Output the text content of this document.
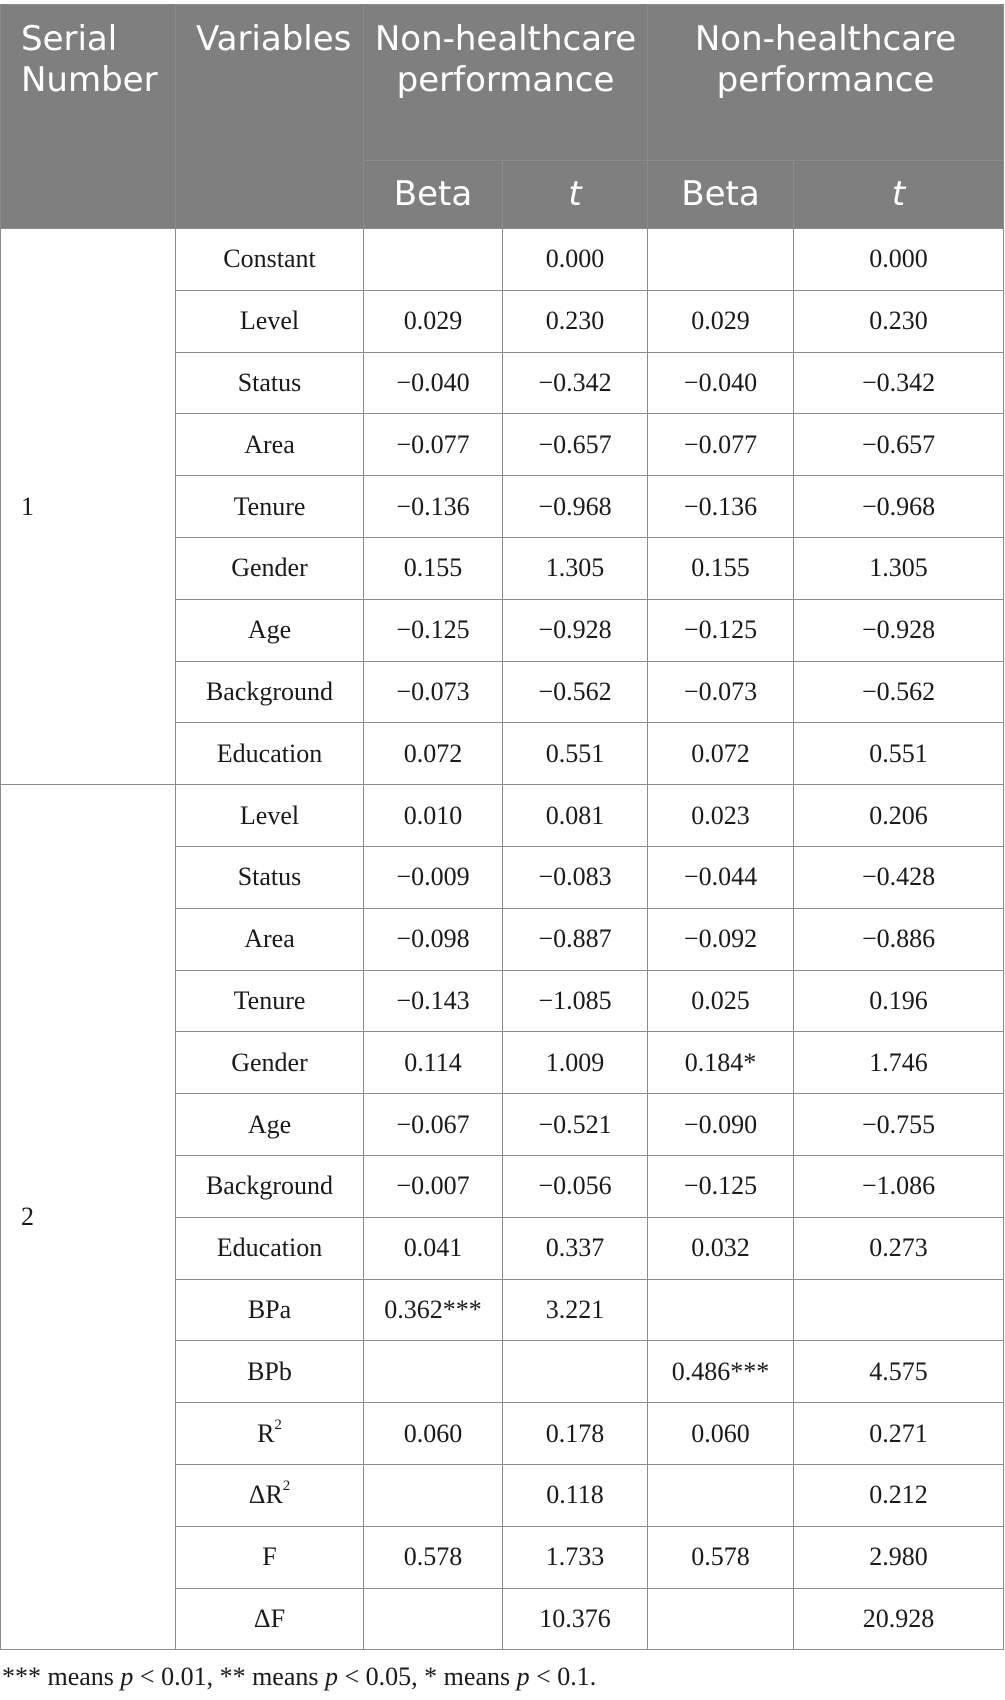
Serial Number	Variables	Non-healthcare performance		Non-healthcare performance	
		Beta	t	Beta	t
1	Constant		0.000		0.000
	Level	0.029	0.230	0.029	0.230
	Status	−0.040	−0.342	−0.040	−0.342
	Area	−0.077	−0.657	−0.077	−0.657
	Tenure	−0.136	−0.968	−0.136	−0.968
	Gender	0.155	1.305	0.155	1.305
	Age	−0.125	−0.928	−0.125	−0.928
	Background	−0.073	−0.562	−0.073	−0.562
	Education	0.072	0.551	0.072	0.551
2	Level	0.010	0.081	0.023	0.206
	Status	−0.009	−0.083	−0.044	−0.428
	Area	−0.098	−0.887	−0.092	−0.886
	Tenure	−0.143	−1.085	0.025	0.196
	Gender	0.114	1.009	0.184*	1.746
	Age	−0.067	−0.521	−0.090	−0.755
	Background	−0.007	−0.056	−0.125	−1.086
	Education	0.041	0.337	0.032	0.273
	BPa	0.362***	3.221		
	BPb			0.486***	4.575
	$R^2$	0.060	0.178	0.060	0.271
	$\Delta R^2$		0.118		0.212
	F	0.578	1.733	0.578	2.980
	ΔF		10.376		20.928
*** means p < 0.01, ** means p < 0.05, * means p < 0.1.
